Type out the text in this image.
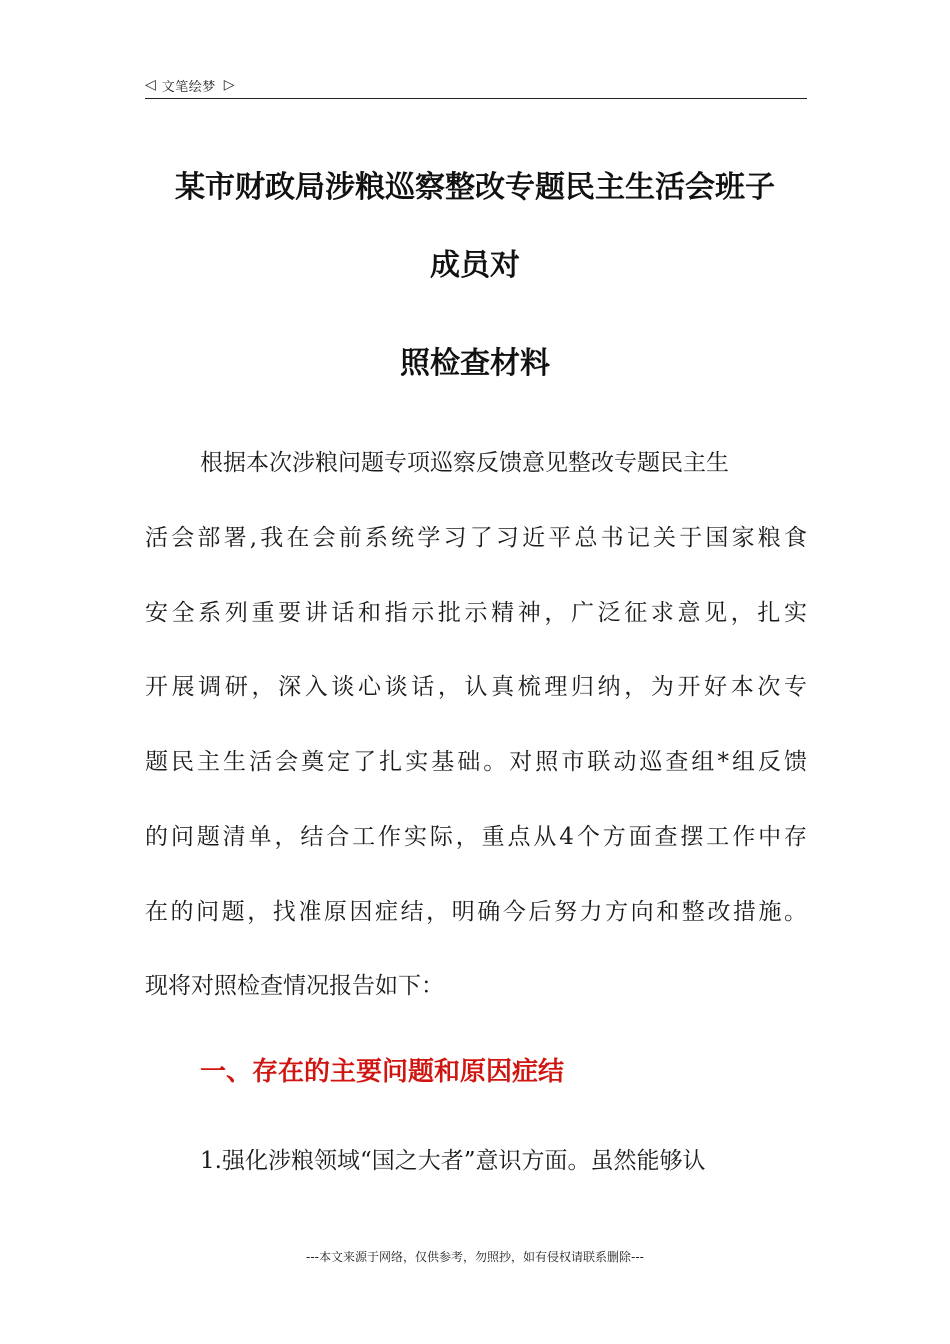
◁ 文笔绘梦 ▷
某市财政局涉粮巡察整改专题民主生活会班子
成员对
照检查材料
根据本次涉粮问题专项巡察反馈意见整改专题民主生
活会部署,我在会前系统学习了习近平总书记关于国家粮食
安全系列重要讲话和指示批示精神，广泛征求意见，扎实
开展调研，深入谈心谈话，认真梳理归纳，为开好本次专
题民主生活会奠定了扎实基础。对照市联动巡查组*组反馈
的问题清单，结合工作实际，重点从4个方面查摆工作中存
在的问题，找准原因症结，明确今后努力方向和整改措施。
现将对照检查情况报告如下：
一、存在的主要问题和原因症结
1.强化涉粮领域“国之大者”意识方面。虽然能够认
---本文来源于网络，仅供参考，勿照抄，如有侵权请联系删除---
